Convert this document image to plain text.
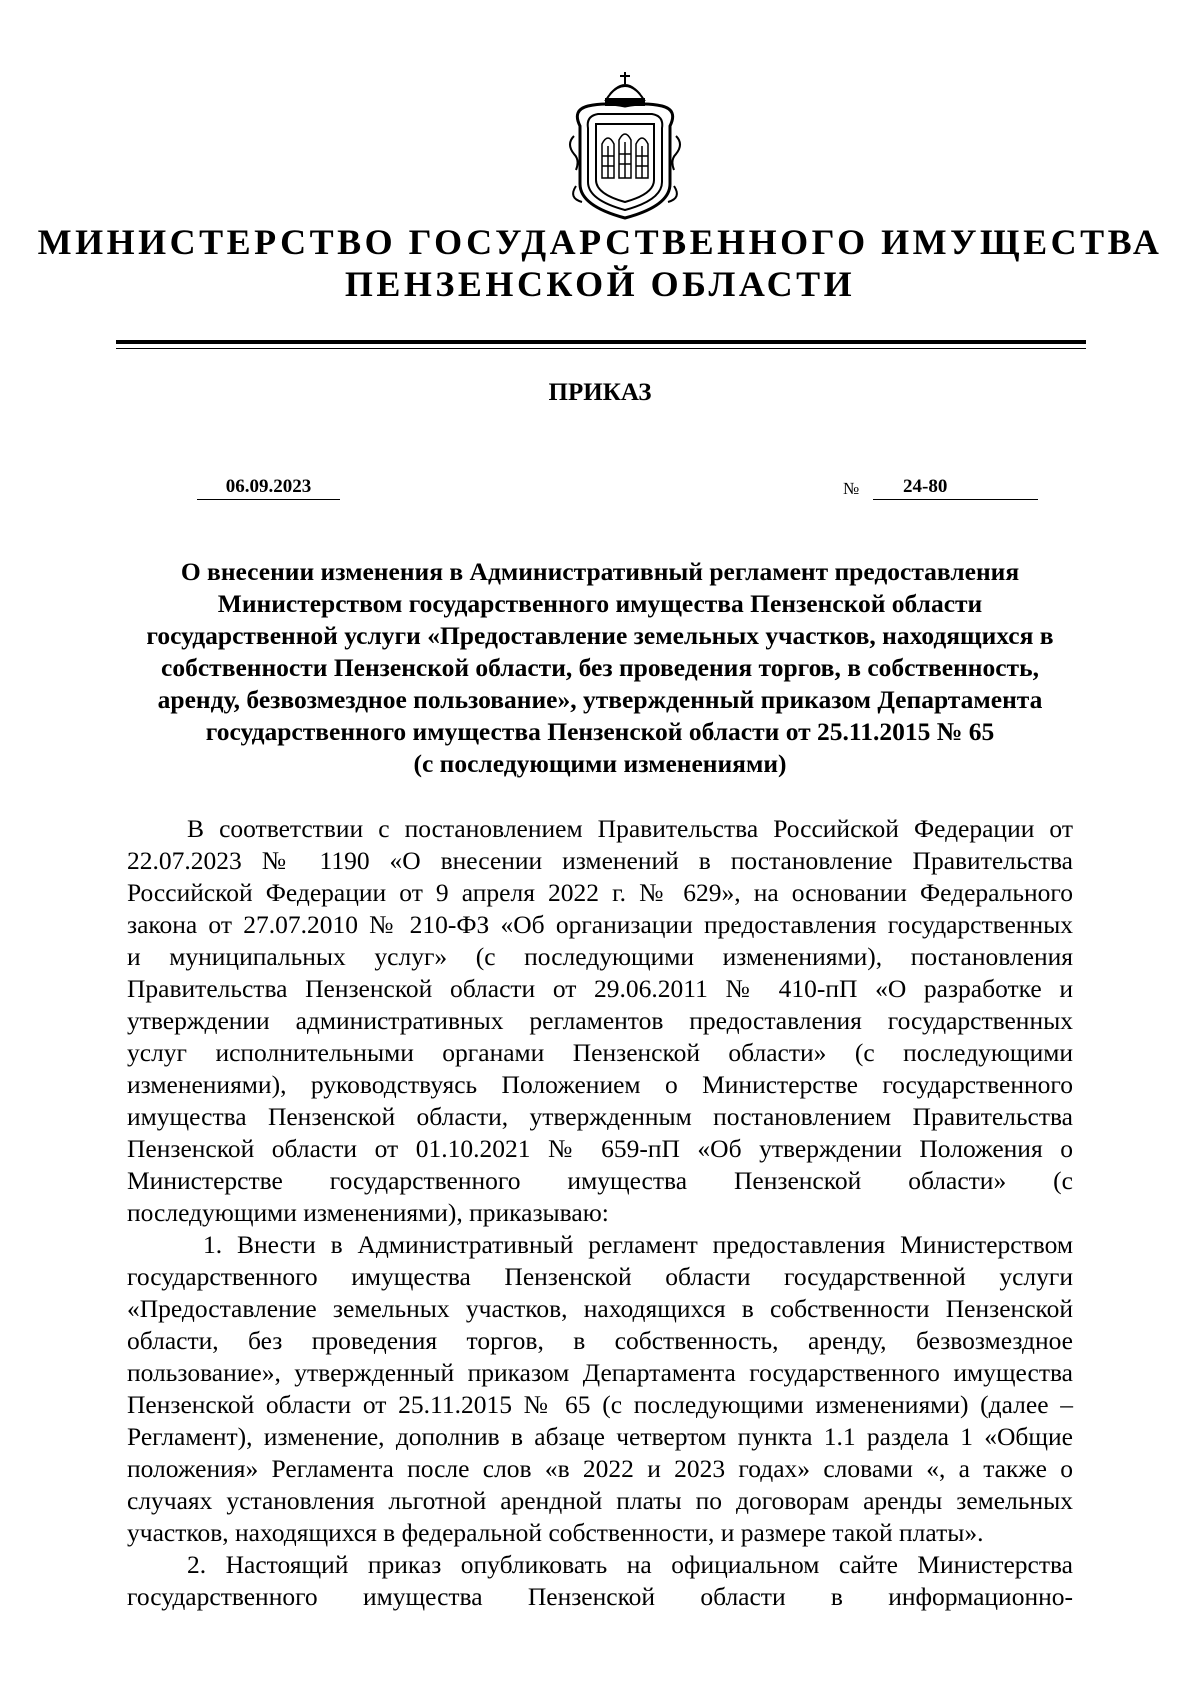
МИНИСТЕРСТВО ГОСУДАРСТВЕННОГО ИМУЩЕСТВА
ПЕНЗЕНСКОЙ ОБЛАСТИ
ПРИКАЗ
06.09.2023	№	24-80
О внесении изменения в Административный регламент предоставления
Министерством государственного имущества Пензенской области
государственной услуги «Предоставление земельных участков, находящихся в
собственности Пензенской области, без проведения торгов, в собственность,
аренду, безвозмездное пользование», утвержденный приказом Департамента
государственного имущества Пензенской области от 25.11.2015 № 65
(с последующими изменениями)
В соответствии с постановлением Правительства Российской Федерации от
22.07.2023 № 1190 «О внесении изменений в постановление Правительства
Российской Федерации от 9 апреля 2022 г. № 629», на основании Федерального
закона от 27.07.2010 № 210-ФЗ «Об организации предоставления государственных
и муниципальных услуг» (с последующими изменениями), постановления
Правительства Пензенской области от 29.06.2011 № 410-пП «О разработке и
утверждении административных регламентов предоставления государственных
услуг исполнительными органами Пензенской области» (с последующими
изменениями), руководствуясь Положением о Министерстве государственного
имущества Пензенской области, утвержденным постановлением Правительства
Пензенской области от 01.10.2021 № 659-пП «Об утверждении Положения о
Министерстве государственного имущества Пензенской области» (с
последующими изменениями), приказываю:
1. Внести в Административный регламент предоставления Министерством
государственного имущества Пензенской области государственной услуги
«Предоставление земельных участков, находящихся в собственности Пензенской
области, без проведения торгов, в собственность, аренду, безвозмездное
пользование», утвержденный приказом Департамента государственного имущества
Пензенской области от 25.11.2015 № 65 (с последующими изменениями) (далее –
Регламент), изменение, дополнив в абзаце четвертом пункта 1.1 раздела 1 «Общие
положения» Регламента после слов «в 2022 и 2023 годах» словами «, а также о
случаях установления льготной арендной платы по договорам аренды земельных
участков, находящихся в федеральной собственности, и размере такой платы».
2. Настоящий приказ опубликовать на официальном сайте Министерства
государственного имущества Пензенской области в информационно-
